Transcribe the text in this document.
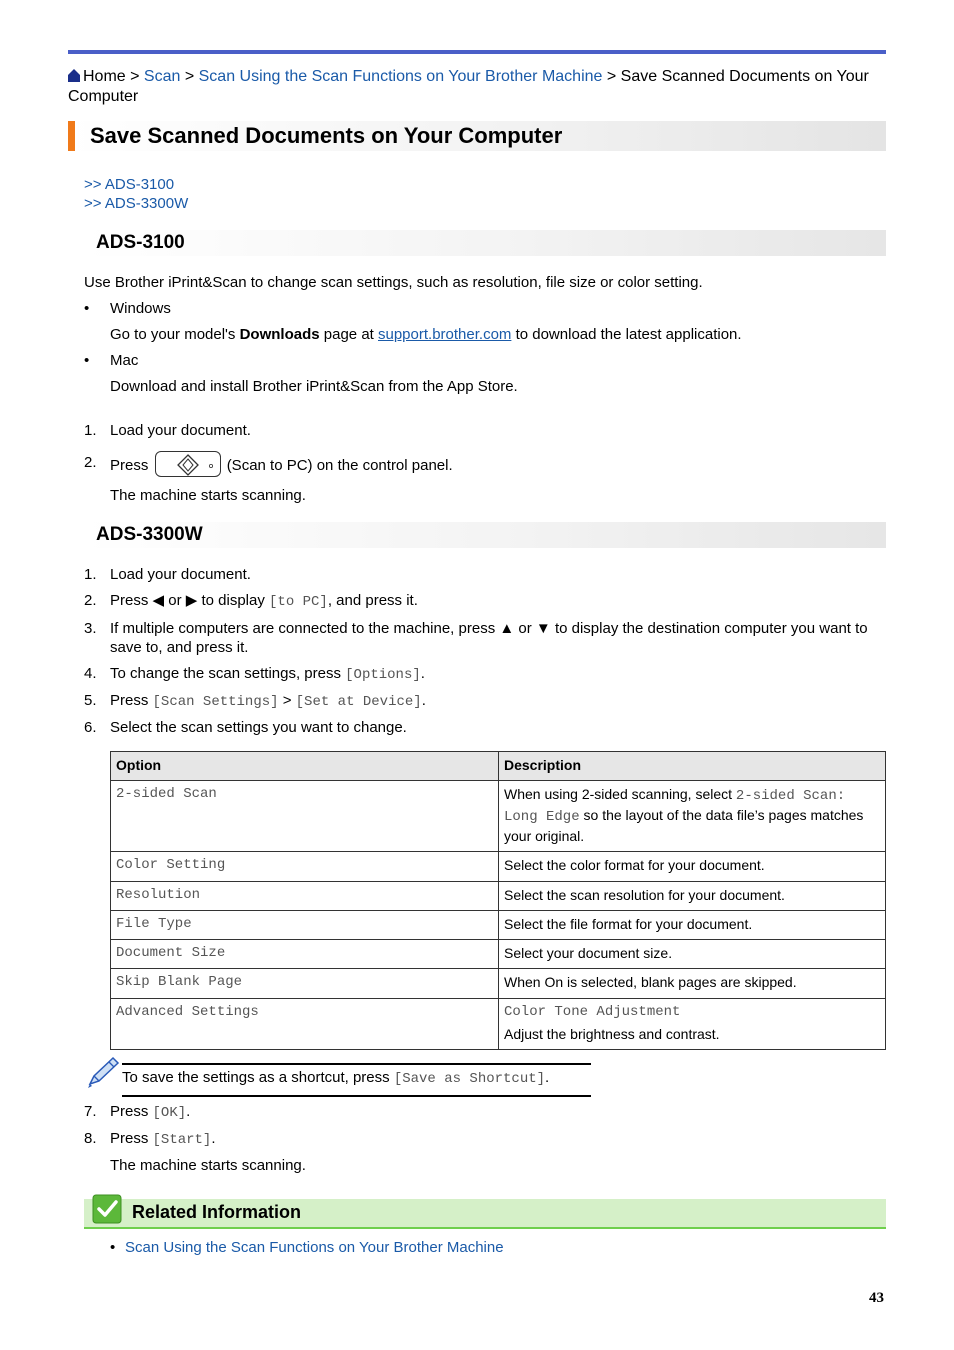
Home > Scan > Scan Using the Scan Functions on Your Brother Machine > Save Scanned Documents on Your Computer
Save Scanned Documents on Your Computer
>> ADS-3100
>> ADS-3300W
ADS-3100
Use Brother iPrint&Scan to change scan settings, such as resolution, file size or color setting.
• Windows
Go to your model's Downloads page at support.brother.com to download the latest application.
• Mac
Download and install Brother iPrint&Scan from the App Store.
1. Load your document.
2. Press	(Scan to PC) on the control panel.
The machine starts scanning.
ADS-3300W
1. Load your document.
2. Press ◀ or ▶ to display [to PC], and press it.
3. If multiple computers are connected to the machine, press ▲ or ▼ to display the destination computer you want to save to, and press it.
4. To change the scan settings, press [Options].
5. Press [Scan Settings] > [Set at Device].
6. Select the scan settings you want to change.
Option	Description
2-sided Scan	When using 2-sided scanning, select 2-sided Scan: Long Edge so the layout of the data file’s pages matches your original.
Color Setting	Select the color format for your document.
Resolution	Select the scan resolution for your document.
File Type	Select the file format for your document.
Document Size	Select your document size.
Skip Blank Page	When On is selected, blank pages are skipped.
Advanced Settings	Color Tone Adjustment
Adjust the brightness and contrast.
To save the settings as a shortcut, press [Save as Shortcut].
7. Press [OK].
8. Press [Start].
The machine starts scanning.
Related Information
• Scan Using the Scan Functions on Your Brother Machine
43
